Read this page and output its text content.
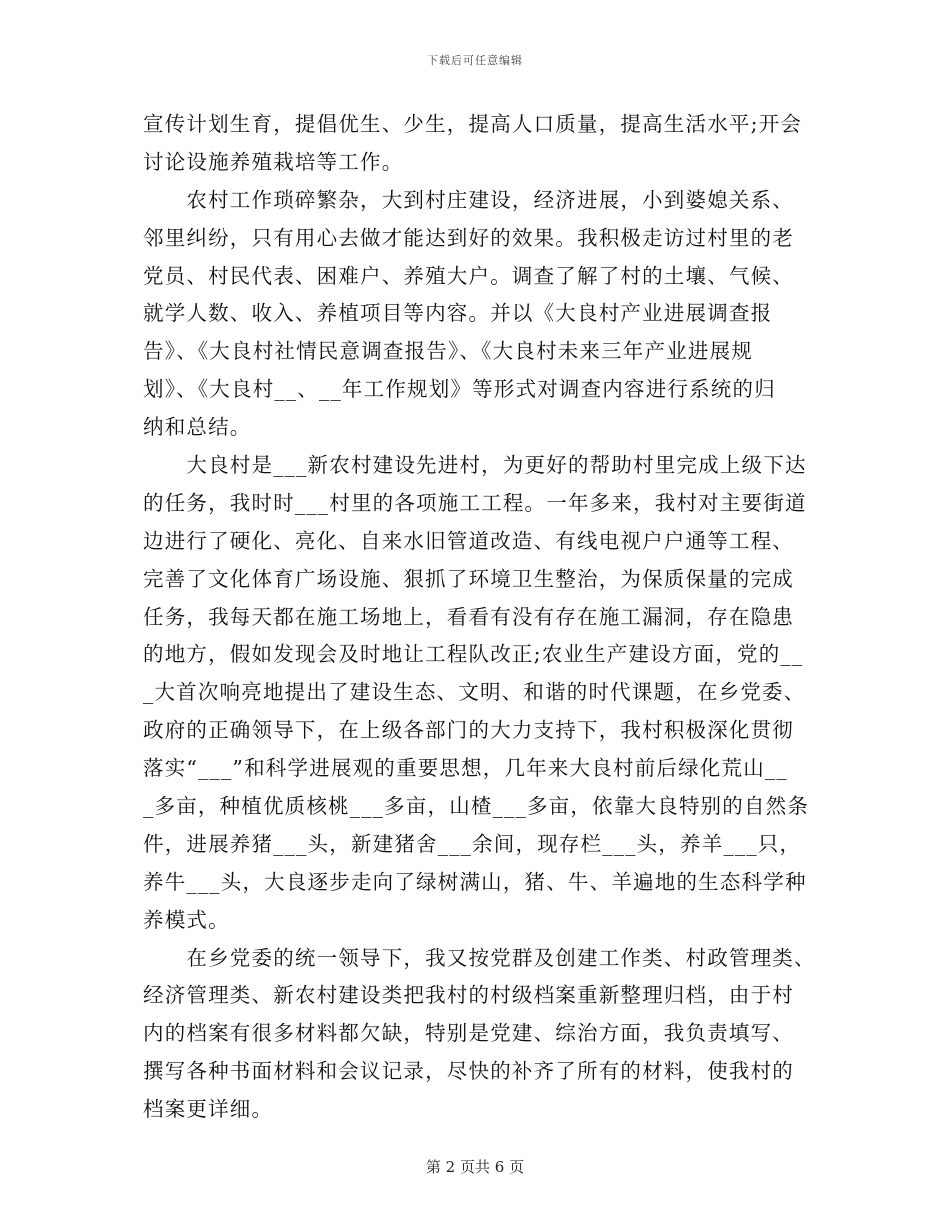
下载后可任意编辑
宣传计划生育，提倡优生、少生，提高人口质量，提高生活水平;开会
讨论设施养殖栽培等工作。
　　农村工作琐碎繁杂，大到村庄建设，经济进展，小到婆媳关系、
邻里纠纷，只有用心去做才能达到好的效果。我积极走访过村里的老
党员、村民代表、困难户、养殖大户。调查了解了村的土壤、气候、
就学人数、收入、养植项目等内容。并以《大良村产业进展调查报
告》、《大良村社情民意调查报告》、《大良村未来三年产业进展规
划》、《大良村__、__年工作规划》等形式对调查内容进行系统的归
纳和总结。
　　大良村是___新农村建设先进村，为更好的帮助村里完成上级下达
的任务，我时时___村里的各项施工工程。一年多来，我村对主要街道
边进行了硬化、亮化、自来水旧管道改造、有线电视户户通等工程、
完善了文化体育广场设施、狠抓了环境卫生整治，为保质保量的完成
任务，我每天都在施工场地上，看看有没有存在施工漏洞，存在隐患
的地方，假如发现会及时地让工程队改正;农业生产建设方面，党的__
_大首次响亮地提出了建设生态、文明、和谐的时代课题，在乡党委、
政府的正确领导下，在上级各部门的大力支持下，我村积极深化贯彻
落实“___”和科学进展观的重要思想，几年来大良村前后绿化荒山__
_多亩，种植优质核桃___多亩，山楂___多亩，依靠大良特别的自然条
件，进展养猪___头，新建猪舍___余间，现存栏___头，养羊___只，
养牛___头，大良逐步走向了绿树满山，猪、牛、羊遍地的生态科学种
养模式。
　　在乡党委的统一领导下，我又按党群及创建工作类、村政管理类、
经济管理类、新农村建设类把我村的村级档案重新整理归档，由于村
内的档案有很多材料都欠缺，特别是党建、综治方面，我负责填写、
撰写各种书面材料和会议记录，尽快的补齐了所有的材料，使我村的
档案更详细。
第 2 页共 6 页
